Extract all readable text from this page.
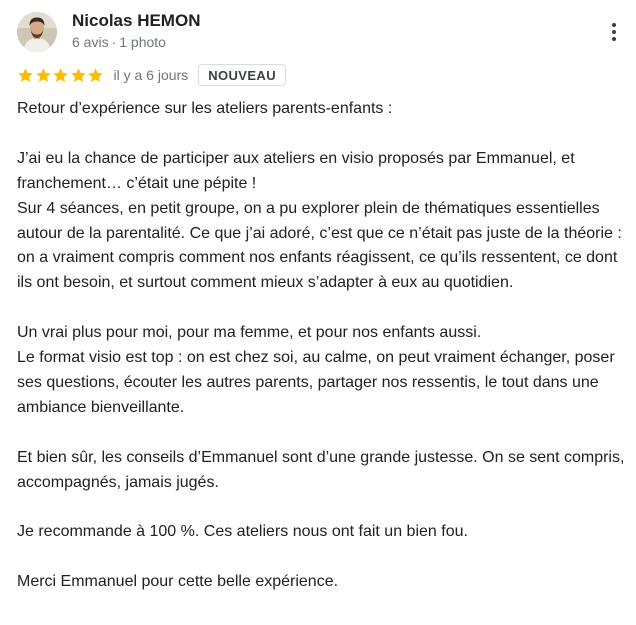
Nicolas HEMON
6 avis · 1 photo
il y a 6 jours	NOUVEAU

Retour d’expérience sur les ateliers parents-enfants :

J’ai eu la chance de participer aux ateliers en visio proposés par Emmanuel, et franchement… c’était une pépite !
Sur 4 séances, en petit groupe, on a pu explorer plein de thématiques essentielles autour de la parentalité. Ce que j’ai adoré, c’est que ce n’était pas juste de la théorie : on a vraiment compris comment nos enfants réagissent, ce qu’ils ressentent, ce dont ils ont besoin, et surtout comment mieux s’adapter à eux au quotidien.

Un vrai plus pour moi, pour ma femme, et pour nos enfants aussi.
Le format visio est top : on est chez soi, au calme, on peut vraiment échanger, poser ses questions, écouter les autres parents, partager nos ressentis, le tout dans une ambiance bienveillante.

Et bien sûr, les conseils d’Emmanuel sont d’une grande justesse. On se sent compris, accompagnés, jamais jugés.

Je recommande à 100 %. Ces ateliers nous ont fait un bien fou.

Merci Emmanuel pour cette belle expérience.
